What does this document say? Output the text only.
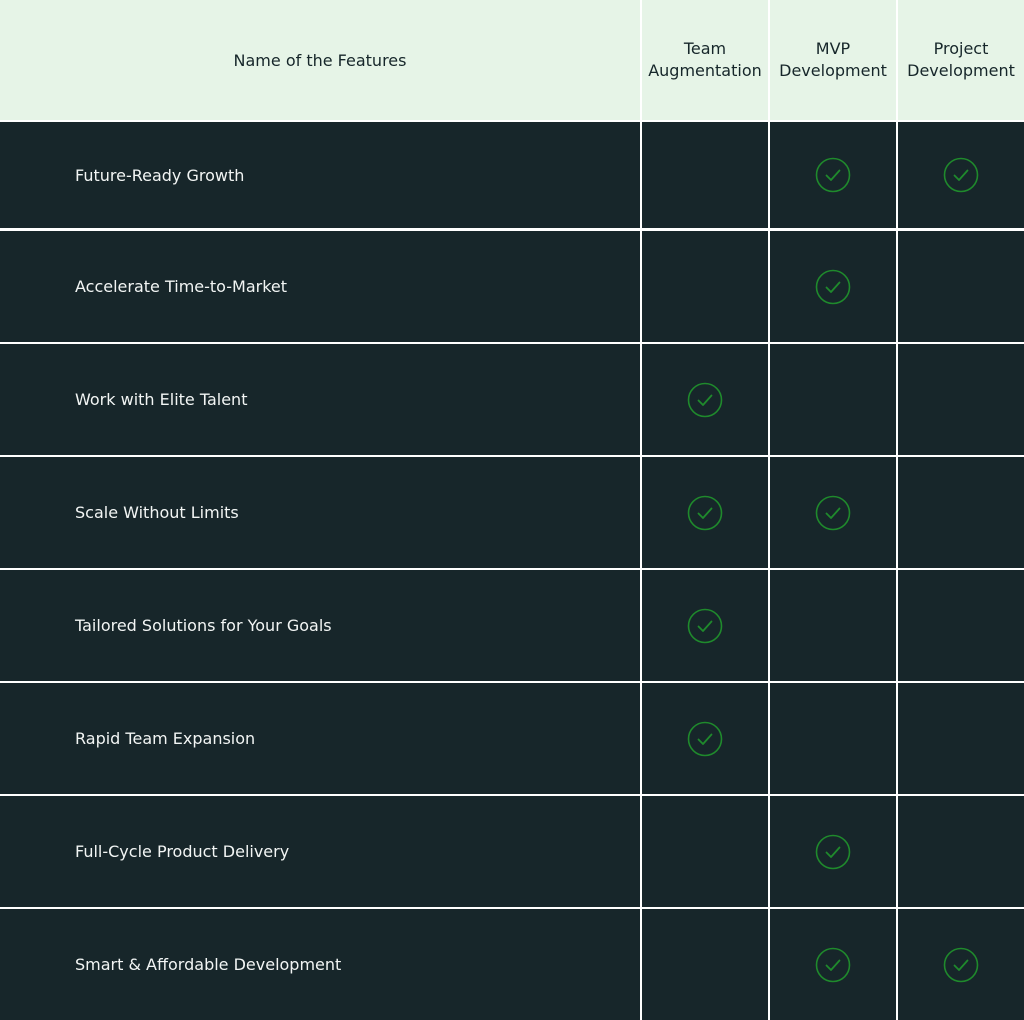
Name of the Features
Team
Augmentation
MVP
Development
Project
Development
Future-Ready Growth
Accelerate Time-to-Market
Work with Elite Talent
Scale Without Limits
Tailored Solutions for Your Goals
Rapid Team Expansion
Full-Cycle Product Delivery
Smart & Affordable Development
